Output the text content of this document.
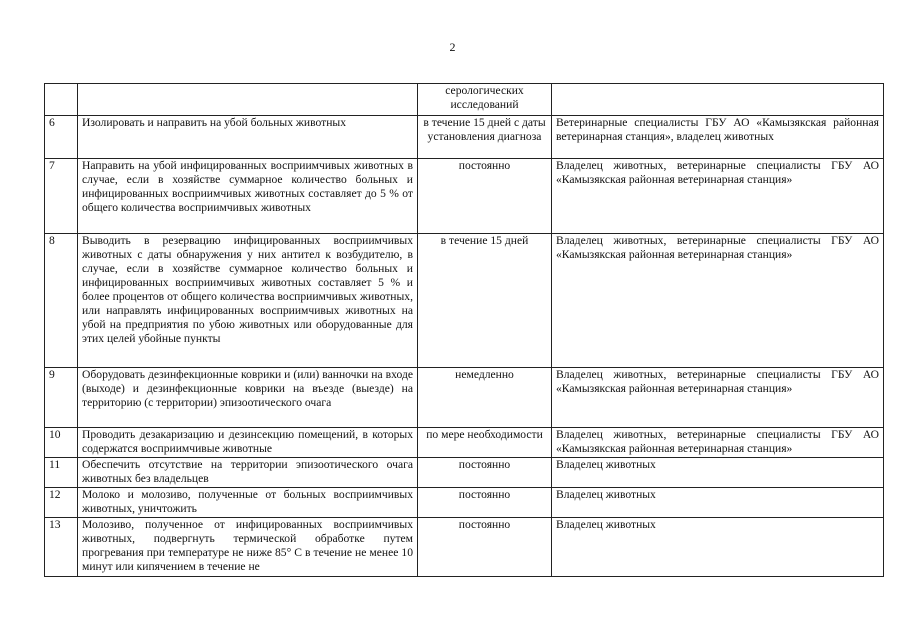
2
		серологических исследований	
6	Изолировать и направить на убой больных животных	в течение 15 дней с даты установления диагноза	Ветеринарные специалисты ГБУ АО «Камызякская районная ветеринарная станция», владелец животных
7	Направить на убой инфицированных восприимчивых животных в случае, если в хозяйстве суммарное количество больных и инфицированных восприимчивых животных составляет до 5 % от общего количества восприимчивых животных	постоянно	Владелец животных, ветеринарные специалисты ГБУ АО «Камызякская районная ветеринарная станция»
8	Выводить в резервацию инфицированных восприимчивых животных с даты обнаружения у них антител к возбудителю, в случае, если в хозяйстве суммарное количество больных и инфицированных восприимчивых животных составляет 5 % и более процентов от общего количества восприимчивых животных, или направлять инфицированных восприимчивых животных на убой на предприятия по убою животных или оборудованные для этих целей убойные пункты	в течение 15 дней	Владелец животных, ветеринарные специалисты ГБУ АО «Камызякская районная ветеринарная станция»
9	Оборудовать дезинфекционные коврики и (или) ванночки на входе (выходе) и дезинфекционные коврики на въезде (выезде) на территорию (с территории) эпизоотического очага	немедленно	Владелец животных, ветеринарные специалисты ГБУ АО «Камызякская районная ветеринарная станция»
10	Проводить дезакаризацию и дезинсекцию помещений, в которых содержатся восприимчивые животные	по мере необходимости	Владелец животных, ветеринарные специалисты ГБУ АО «Камызякская районная ветеринарная станция»
11	Обеспечить отсутствие на территории эпизоотического очага животных без владельцев	постоянно	Владелец животных
12	Молоко и молозиво, полученные от больных восприимчивых животных, уничтожить	постоянно	Владелец животных
13	Молозиво, полученное от инфицированных восприимчивых животных, подвергнуть термической обработке путем прогревания при температуре не ниже 85° С в течение не менее 10 минут или кипячением в течение не	постоянно	Владелец животных
